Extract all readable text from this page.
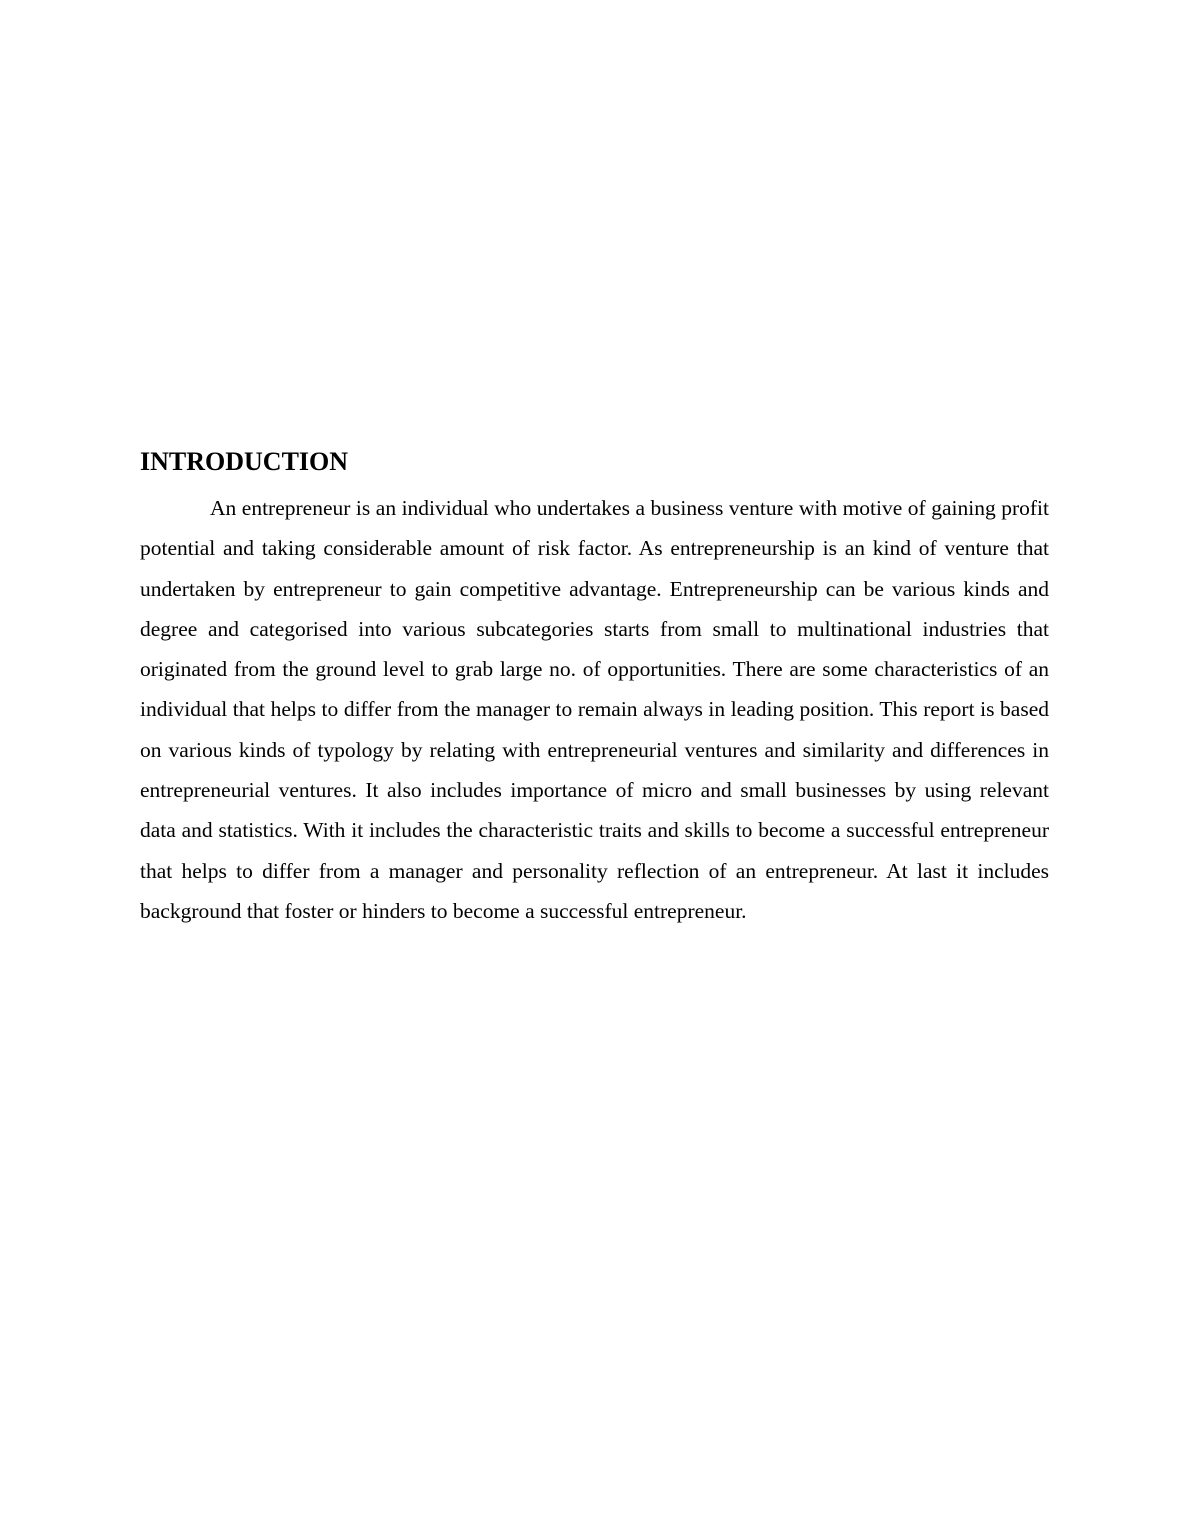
INTRODUCTION

An entrepreneur is an individual who undertakes a business venture with motive of gaining profit potential and taking considerable amount of risk factor. As entrepreneurship is an kind of venture that undertaken by entrepreneur to gain competitive advantage. Entrepreneurship can be various kinds and degree and categorised into various subcategories starts from small to multinational industries that originated from the ground level to grab large no. of opportunities. There are some characteristics of an individual that helps to differ from the manager to remain always in leading position. This report is based on various kinds of typology by relating with entrepreneurial ventures and similarity and differences in entrepreneurial ventures. It also includes importance of micro and small businesses by using relevant data and statistics. With it includes the characteristic traits and skills to become a successful entrepreneur that helps to differ from a manager and personality reflection of an entrepreneur. At last it includes background that foster or hinders to become a successful entrepreneur.
